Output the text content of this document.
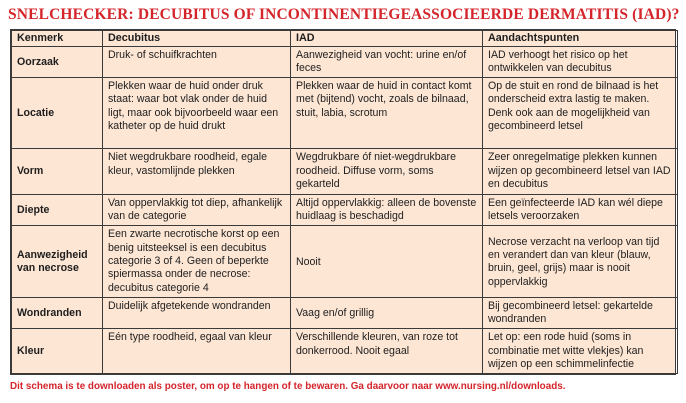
SNELCHECKER: DECUBITUS OF INCONTINENTIEGEASSOCIEERDE DERMATITIS (IAD)?
Kenmerk	Decubitus	IAD	Aandachtspunten
Oorzaak	Druk- of schuifkrachten	Aanwezigheid van vocht: urine en/of feces	IAD verhoogt het risico op het ontwikkelen van decubitus
Locatie	Plekken waar de huid onder druk staat: waar bot vlak onder de huid ligt, maar ook bijvoorbeeld waar een katheter op de huid drukt	Plekken waar de huid in contact komt met (bijtend) vocht, zoals de bilnaad, stuit, labia, scrotum	Op de stuit en rond de bilnaad is het onderscheid extra lastig te maken. Denk ook aan de mogelijkheid van gecombineerd letsel
Vorm	Niet wegdrukbare roodheid, egale kleur, vastomlijnde plekken	Wegdrukbare óf niet-wegdrukbare roodheid. Diffuse vorm, soms gekarteld	Zeer onregelmatige plekken kunnen wijzen op gecombineerd letsel van IAD en decubitus
Diepte	Van oppervlakkig tot diep, afhankelijk van de categorie	Altijd oppervlakkig: alleen de bovenste huidlaag is beschadigd	Een geïnfecteerde IAD kan wél diepe letsels veroorzaken
Aanwezigheid van necrose	Een zwarte necrotische korst op een benig uitsteeksel is een decubitus categorie 3 of 4. Geen of beperkte spiermassa onder de necrose: decubitus categorie 4	Nooit	Necrose verzacht na verloop van tijd en verandert dan van kleur (blauw, bruin, geel, grijs) maar is nooit oppervlakkig
Wondranden	Duidelijk afgetekende wondranden	Vaag en/of grillig	Bij gecombineerd letsel: gekartelde wondranden
Kleur	Eén type roodheid, egaal van kleur	Verschillende kleuren, van roze tot donkerrood. Nooit egaal	Let op: een rode huid (soms in combinatie met witte vlekjes) kan wijzen op een schimmelinfectie
Dit schema is te downloaden als poster, om op te hangen of te bewaren. Ga daarvoor naar www.nursing.nl/downloads.
